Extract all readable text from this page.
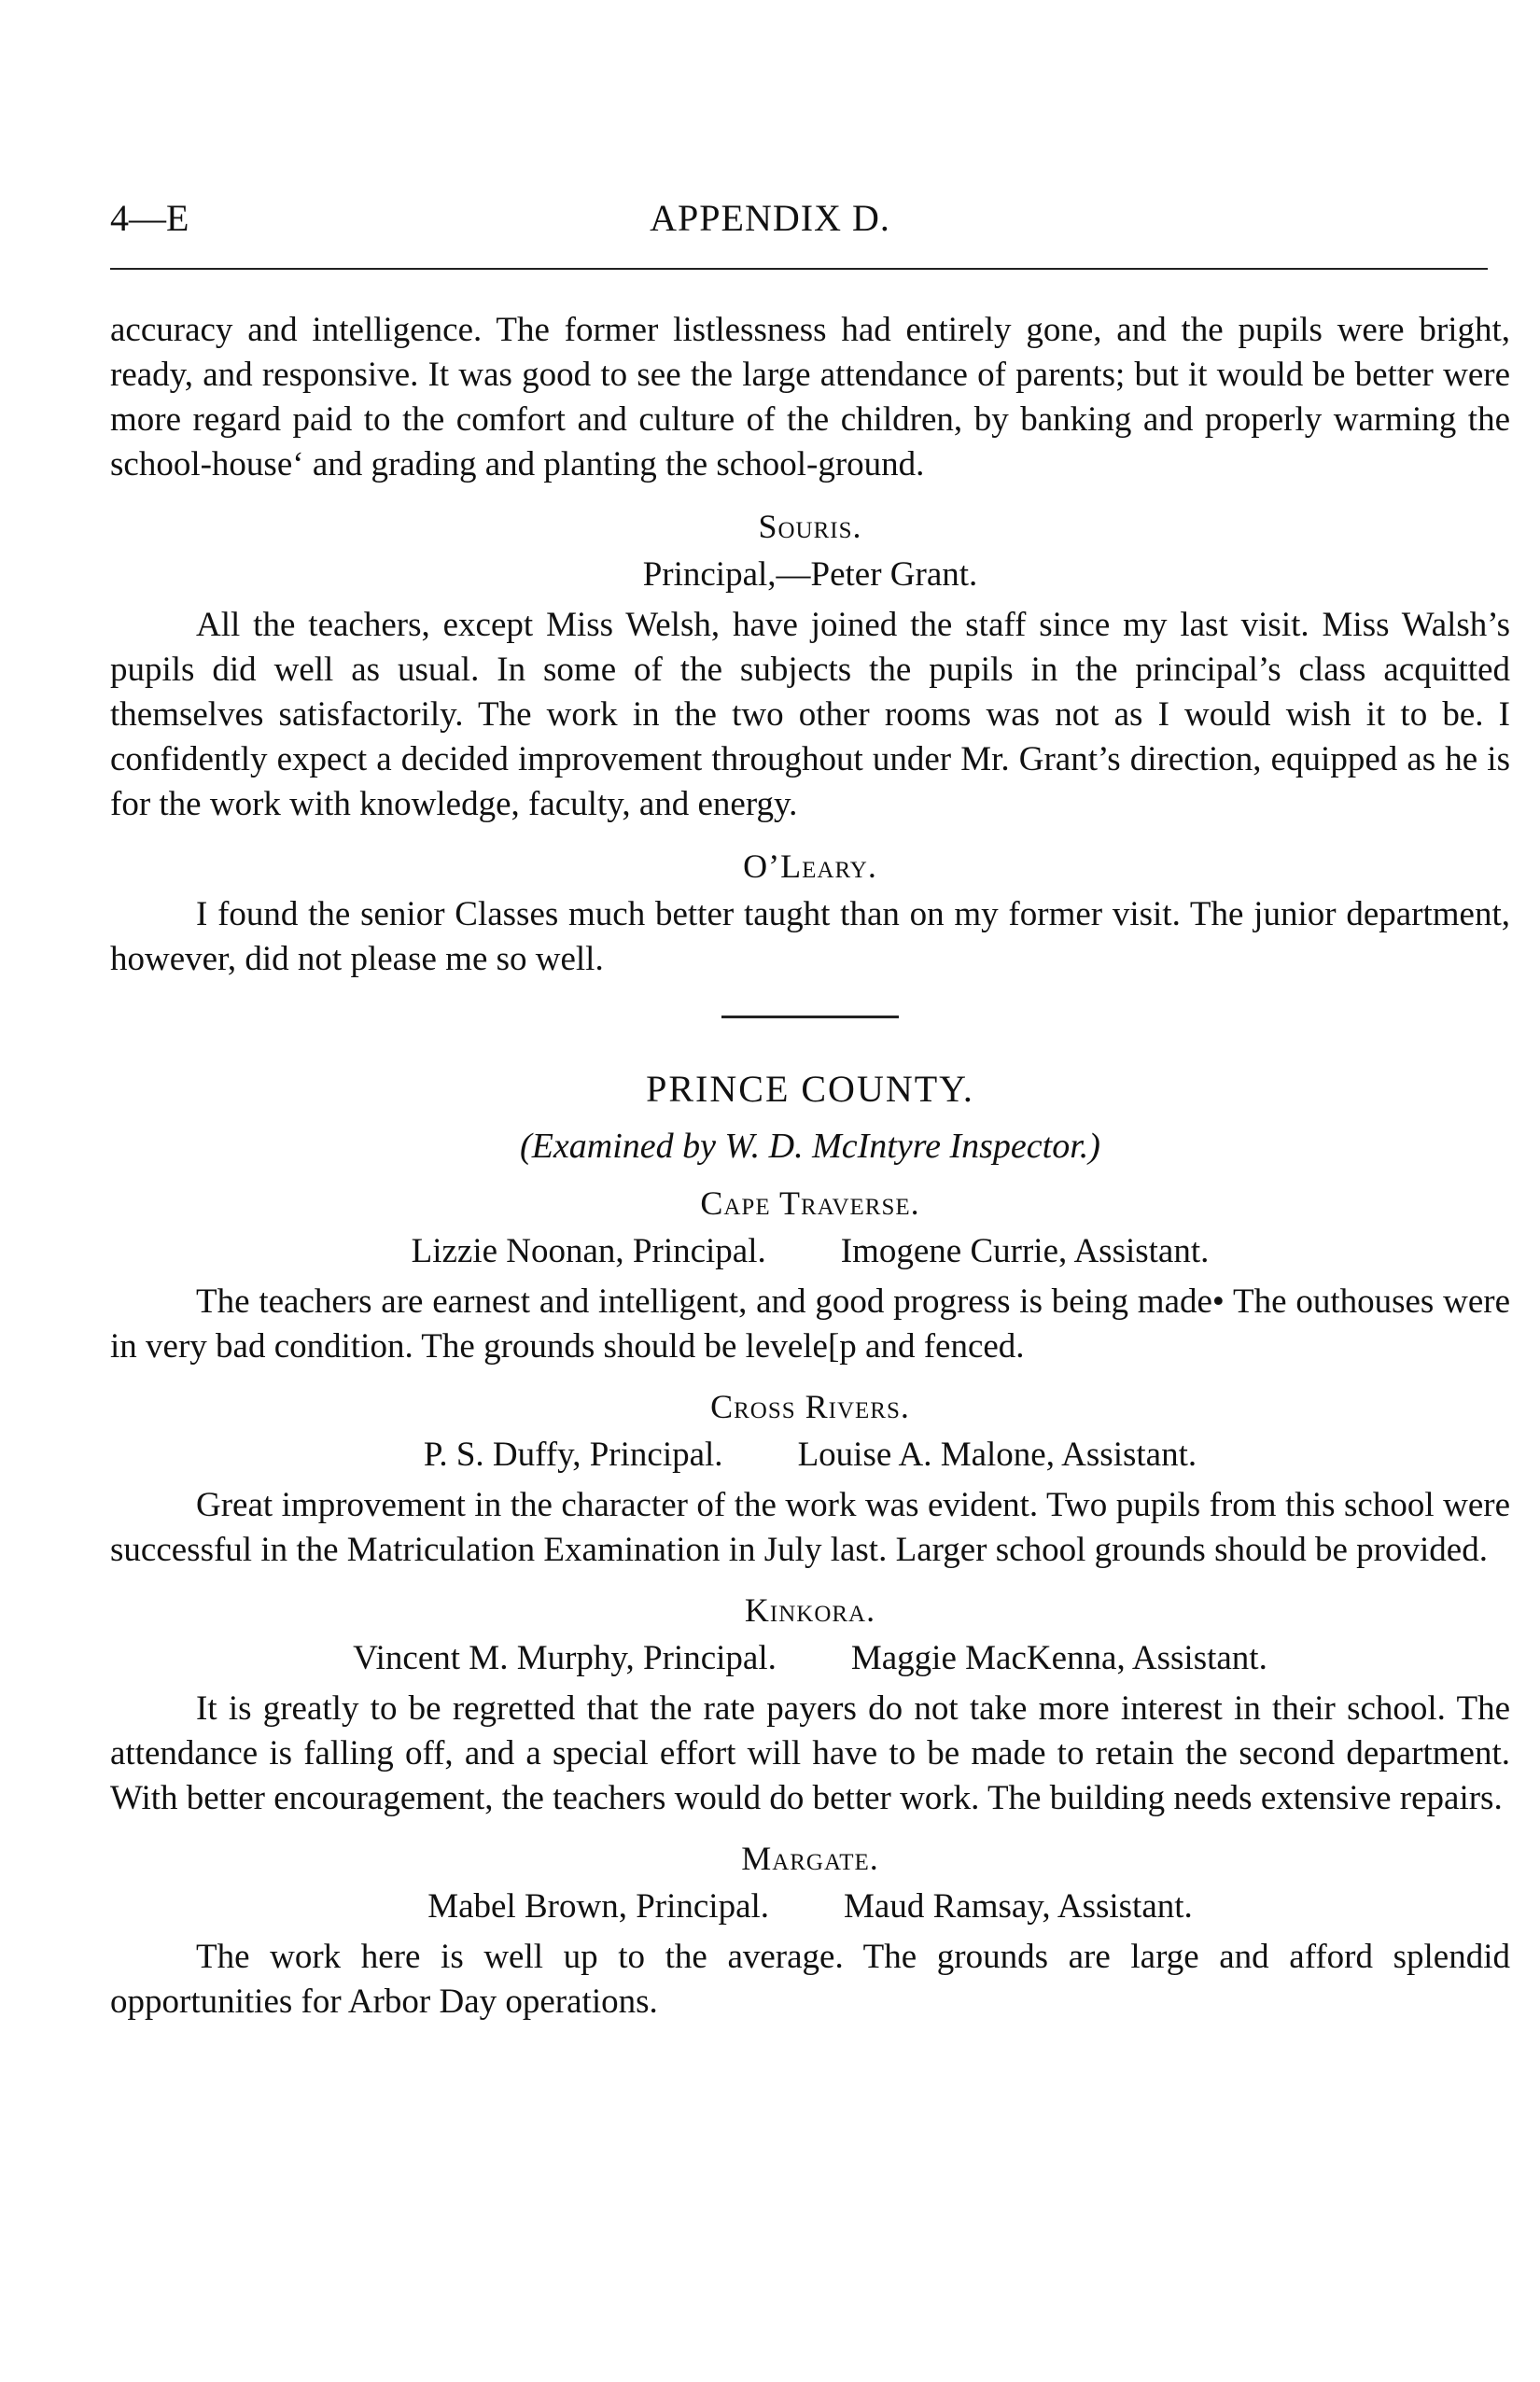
4—E	APPENDIX D.

accuracy and intelligence. The former listlessness had entirely gone, and the pupils were bright, ready, and responsive. It was good to see the large attendance of parents; but it would be better were more regard paid to the comfort and culture of the children, by banking and properly warming the school-house‘ and grading and planting the school-ground.

Souris.
Principal,—Peter Grant.

All the teachers, except Miss Welsh, have joined the staff since my last visit. Miss Walsh’s pupils did well as usual. In some of the subjects the pupils in the principal’s class acquitted themselves satisfactorily. The work in the two other rooms was not as I would wish it to be. I confidently expect a decided improvement throughout under Mr. Grant’s direction, equipped as he is for the work with knowledge, faculty, and energy.

O’Leary.

I found the senior Classes much better taught than on my former visit. The junior department, however, did not please me so well.

PRINCE COUNTY.
(Examined by W. D. McIntyre Inspector.)
Cape Traverse.
Lizzie Noonan, Principal. Imogene Currie, Assistant.

The teachers are earnest and intelligent, and good progress is being made• The outhouses were in very bad condition. The grounds should be levele[p and fenced.

Cross Rivers.
P. S. Duffy, Principal. Louise A. Malone, Assistant.

Great improvement in the character of the work was evident. Two pupils from this school were successful in the Matriculation Examination in July last. Larger school grounds should be provided.

Kinkora.
Vincent M. Murphy, Principal. Maggie MacKenna, Assistant.

It is greatly to be regretted that the rate payers do not take more interest in their school. The attendance is falling off, and a special effort will have to be made to retain the second department. With better encouragement, the teachers would do better work. The building needs extensive repairs.

Margate.
Mabel Brown, Principal. Maud Ramsay, Assistant.

The work here is well up to the average. The grounds are large and afford splendid opportunities for Arbor Day operations.
